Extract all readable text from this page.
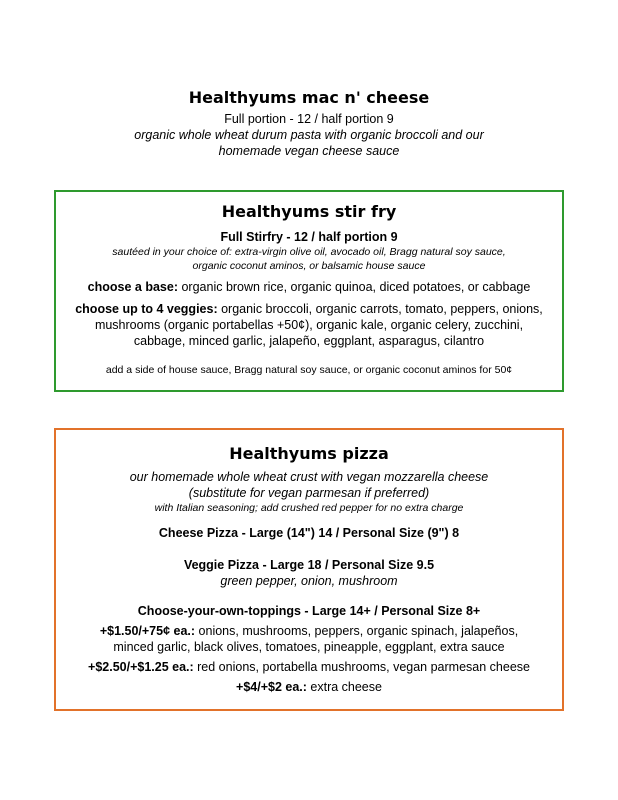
Healthyums mac n' cheese
Full portion - 12 / half portion 9
organic whole wheat durum pasta with organic broccoli and our
homemade vegan cheese sauce
Healthyums stir fry
Full Stirfry - 12 / half portion 9
sautéed in your choice of: extra-virgin olive oil, avocado oil, Bragg natural soy sauce,
organic coconut aminos, or balsamic house sauce
choose a base: organic brown rice, organic quinoa, diced potatoes, or cabbage
choose up to 4 veggies: organic broccoli, organic carrots, tomato, peppers, onions,
mushrooms (organic portabellas +50¢), organic kale, organic celery, zucchini,
cabbage, minced garlic, jalapeño, eggplant, asparagus, cilantro
add a side of house sauce, Bragg natural soy sauce, or organic coconut aminos for 50¢
Healthyums pizza
our homemade whole wheat crust with vegan mozzarella cheese
(substitute for vegan parmesan if preferred)
with Italian seasoning; add crushed red pepper for no extra charge
Cheese Pizza - Large (14") 14 / Personal Size (9") 8
Veggie Pizza - Large 18 / Personal Size 9.5
green pepper, onion, mushroom
Choose-your-own-toppings - Large 14+ / Personal Size 8+
+$1.50/+75¢ ea.: onions, mushrooms, peppers, organic spinach, jalapeños,
minced garlic, black olives, tomatoes, pineapple, eggplant, extra sauce
+$2.50/+$1.25 ea.: red onions, portabella mushrooms, vegan parmesan cheese
+$4/+$2 ea.: extra cheese
